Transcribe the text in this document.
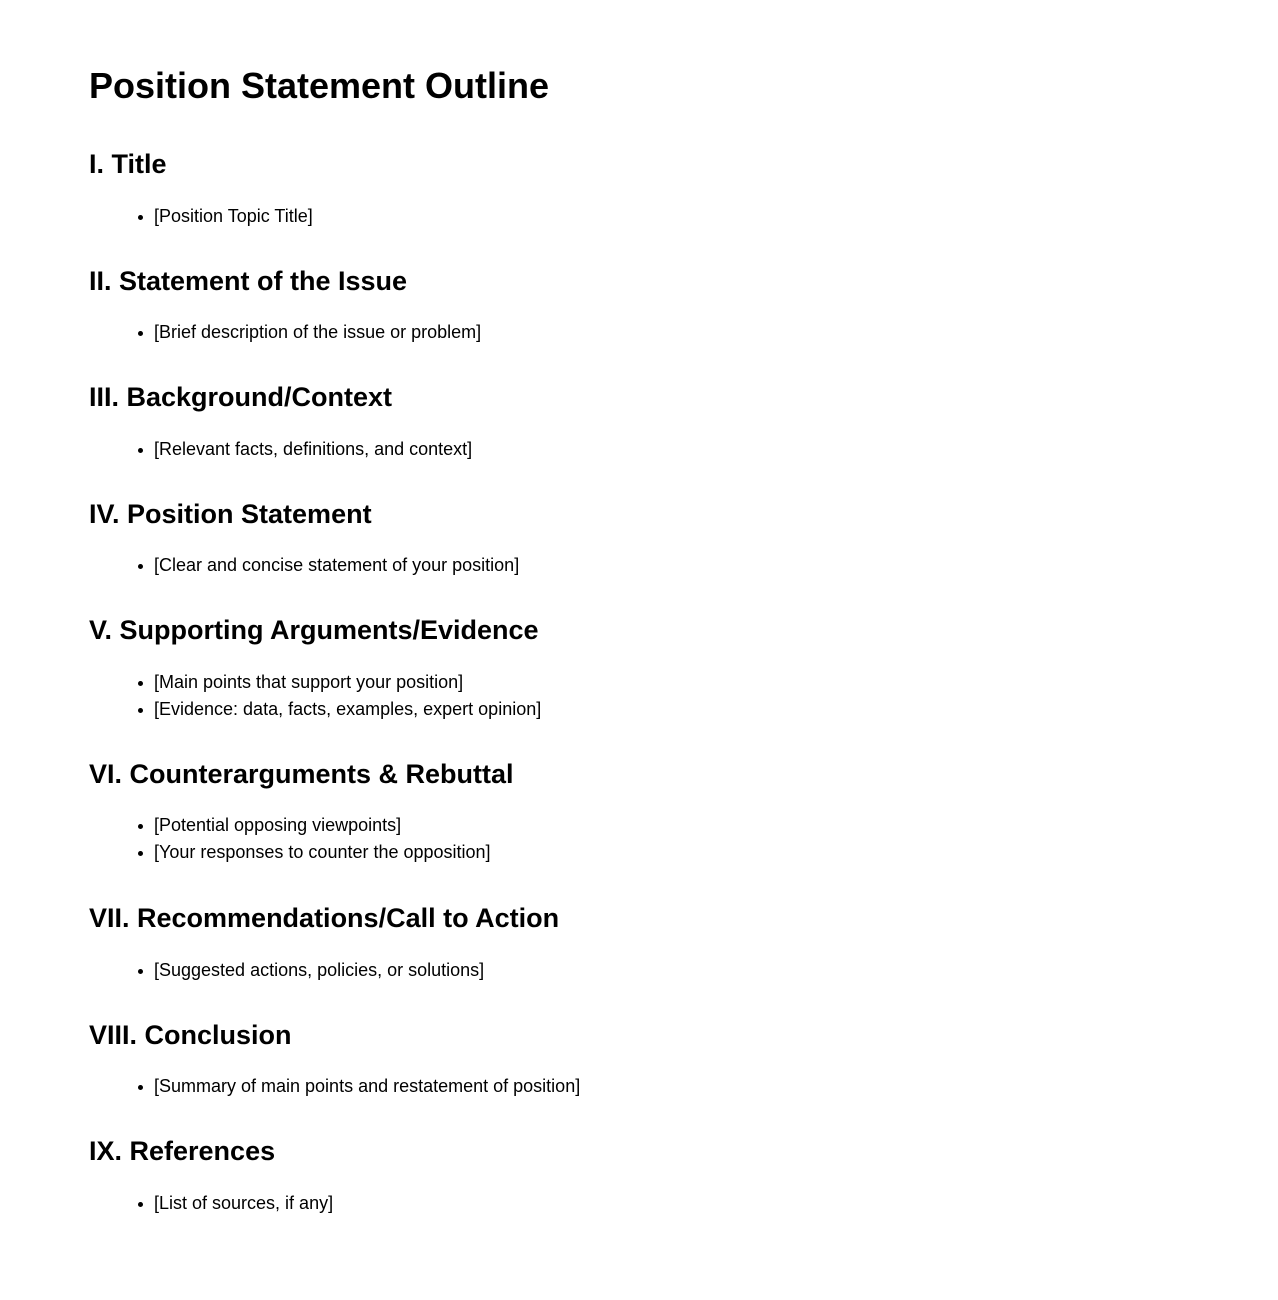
Position Statement Outline
I. Title
[Position Topic Title]
II. Statement of the Issue
[Brief description of the issue or problem]
III. Background/Context
[Relevant facts, definitions, and context]
IV. Position Statement
[Clear and concise statement of your position]
V. Supporting Arguments/Evidence
[Main points that support your position]
[Evidence: data, facts, examples, expert opinion]
VI. Counterarguments & Rebuttal
[Potential opposing viewpoints]
[Your responses to counter the opposition]
VII. Recommendations/Call to Action
[Suggested actions, policies, or solutions]
VIII. Conclusion
[Summary of main points and restatement of position]
IX. References
[List of sources, if any]
